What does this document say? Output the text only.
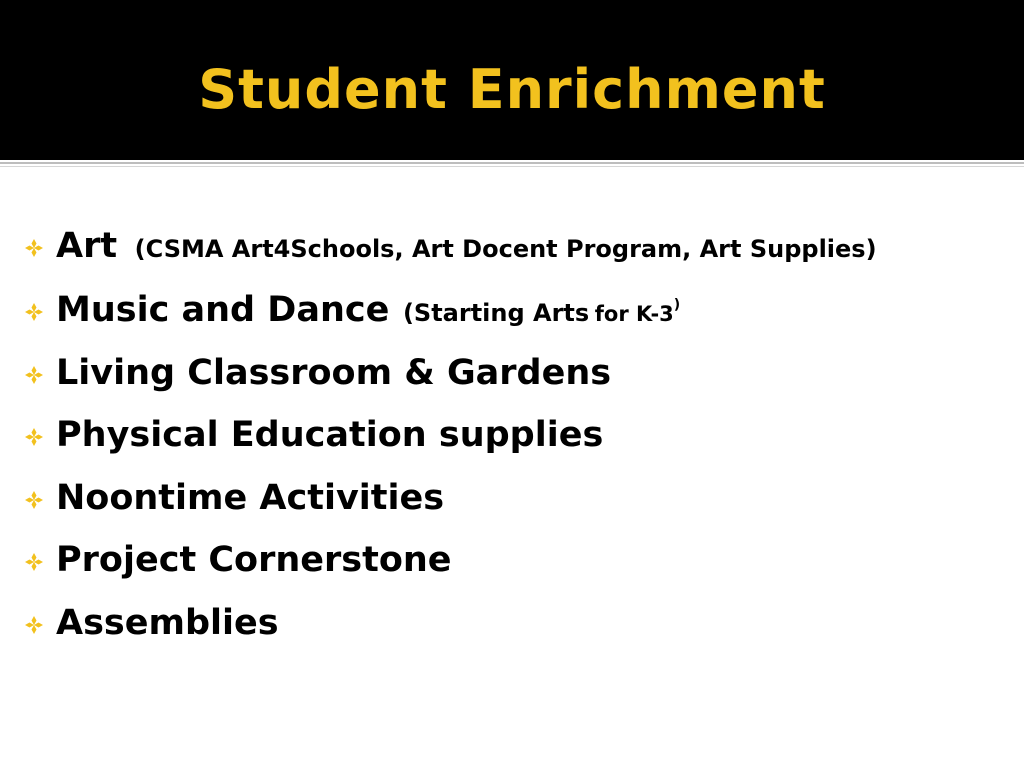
Student Enrichment
Art (CSMA Art4Schools, Art Docent Program, Art Supplies)
Music and Dance (Starting Arts for K-3)
Living Classroom & Gardens
Physical Education supplies
Noontime Activities
Project Cornerstone
Assemblies
